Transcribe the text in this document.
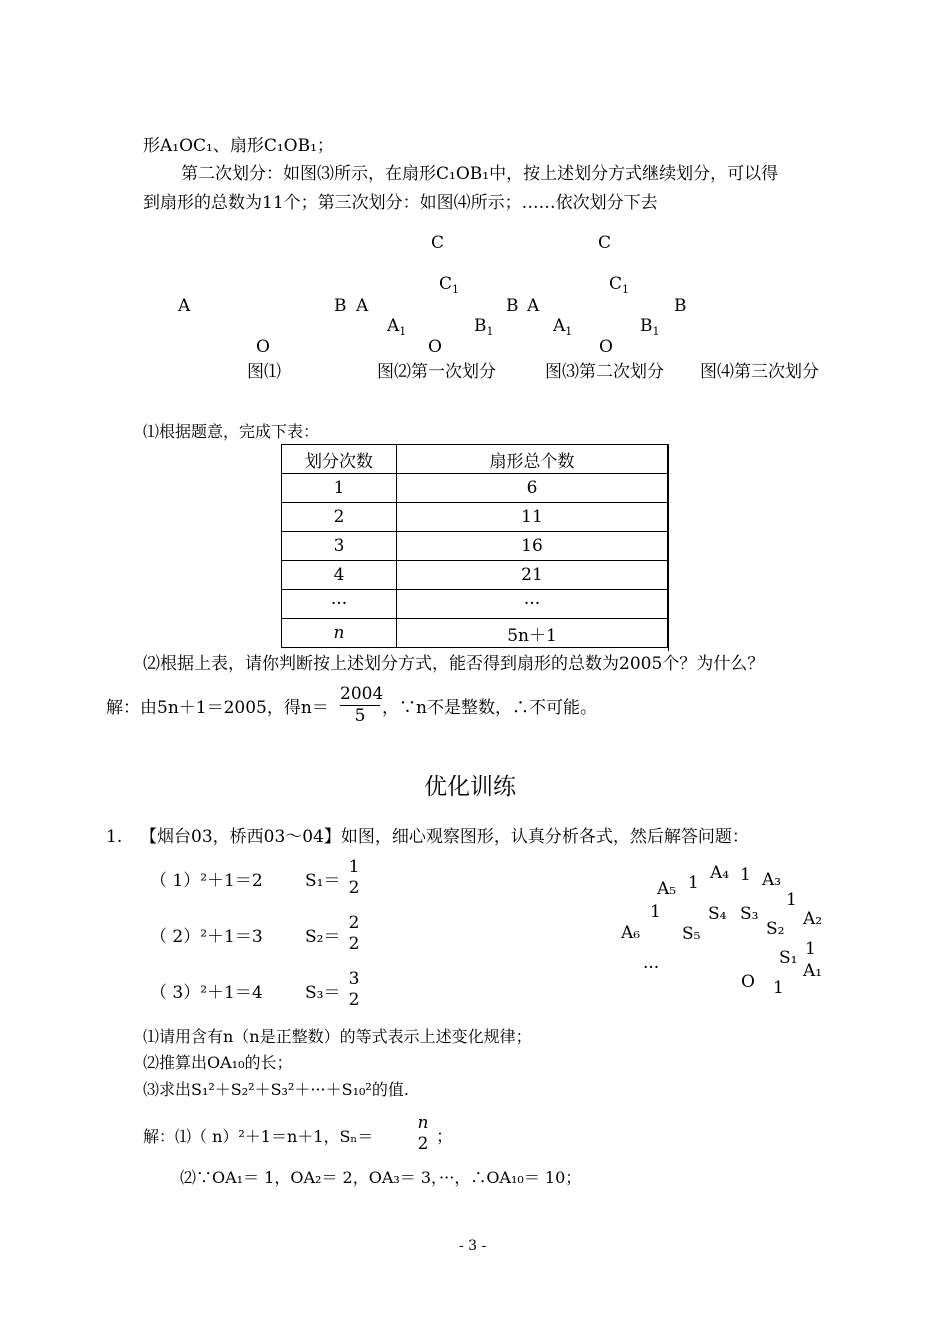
形A₁OC₁、扇形C₁OB₁；
第二次划分：如图⑶所示，在扇形C₁OB₁中，按上述划分方式继续划分，可以得
到扇形的总数为11个；第三次划分：如图⑷所示；……依次划分下去
A
O
C
$C_1$
B A	B
$A_1$	$B_1$
O
C
$C_1$
A	B
$A_1$	$B_1$
O
图⑴	图⑵第一次划分	图⑶第二次划分 图⑷第三次划分
⑴根据题意，完成下表：
划分次数	扇形总个数
1	6
2	11
3	16
4	21
···	···
n	5n＋1
⑵根据上表，请你判断按上述划分方式，能否得到扇形的总数为2005个？为什么？
解：由5n＋1＝2005，得n＝
2004
5 ，∵n不是整数，∴不可能。
优化训练
1. 【烟台03，桥西03～04】如图，细心观察图形，认真分析各式，然后解答问题：
（ 1）²＋1＝2 S₁＝
1
2
（ 2）²＋1＝3 S₂＝
2
2
（ 3）²＋1＝4 S₃＝
3
2
A₄ 1 A₃
A₅ 1
1
A₂
1	S₄ S₃
A₆ S₅	S₂
1
S₁
A₁
···
O 1
⑴请用含有n（n是正整数）的等式表示上述变化规律；
⑵推算出OA₁₀的长；
⑶求出S₁²＋S₂²＋S₃²＋···＋S₁₀²的值.
解：⑴（ n）²＋1＝n＋1，Sₙ＝
n
2 ；
⑵∵OA₁＝ 1，OA₂＝ 2，OA₃＝ 3，···，∴OA₁₀＝ 10；
- 3 -
